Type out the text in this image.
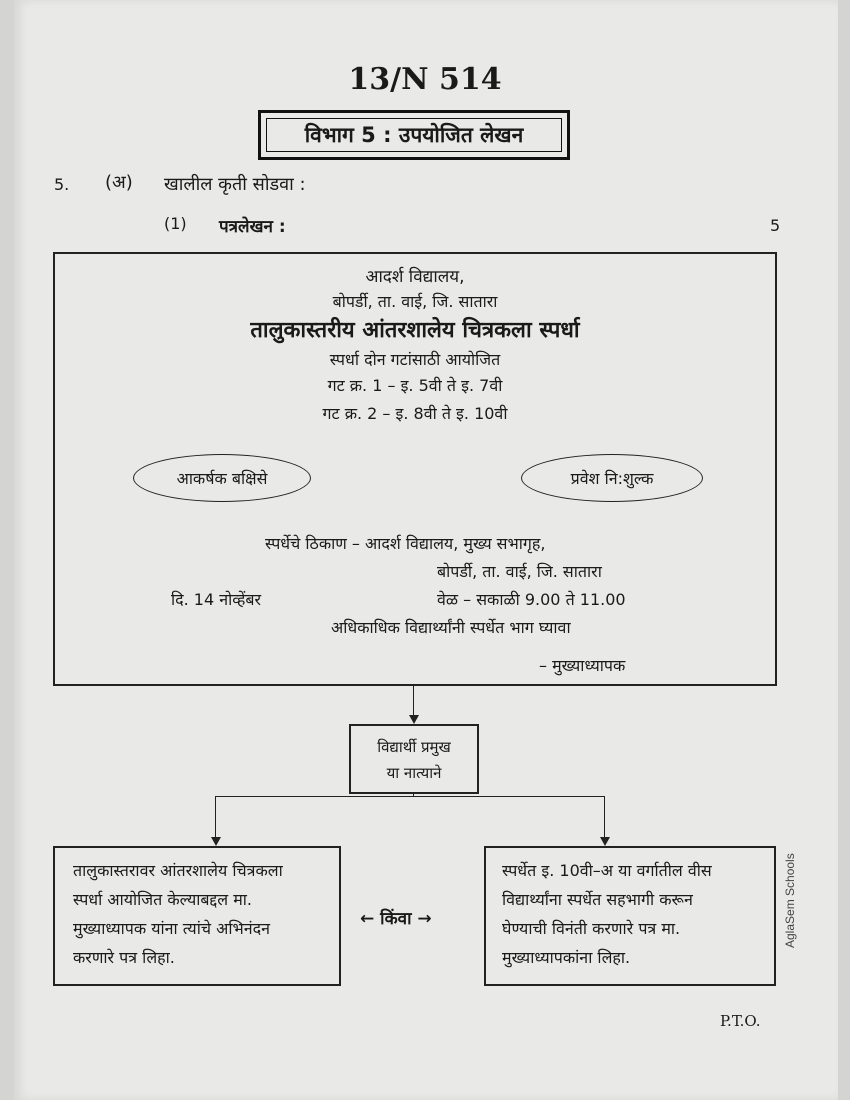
13/N 514
विभाग 5 : उपयोजित लेखन
5. (अ) खालील कृती सोडवा :
(1) पत्रलेखन :	5
आदर्श विद्यालय,
बोपर्डी, ता. वाई, जि. सातारा
तालुकास्तरीय आंतरशालेय चित्रकला स्पर्धा
स्पर्धा दोन गटांसाठी आयोजित
गट क्र. 1 – इ. 5वी ते इ. 7वी
गट क्र. 2 – इ. 8वी ते इ. 10वी
आकर्षक बक्षिसे	प्रवेश नि:शुल्क
स्पर्धेचे ठिकाण – आदर्श विद्यालय, मुख्य सभागृह,
बोपर्डी, ता. वाई, जि. सातारा
दि. 14 नोव्हेंबर	वेळ – सकाळी 9.00 ते 11.00
अधिकाधिक विद्यार्थ्यांनी स्पर्धेत भाग घ्यावा
– मुख्याध्यापक
विद्यार्थी प्रमुख
या नात्याने
तालुकास्तरावर आंतरशालेय चित्रकला
स्पर्धा आयोजित केल्याबद्दल मा.
मुख्याध्यापक यांना त्यांचे अभिनंदन
करणारे पत्र लिहा.
← किंवा →
स्पर्धेत इ. 10वी–अ या वर्गातील वीस
विद्यार्थ्यांना स्पर्धेत सहभागी करून
घेण्याची विनंती करणारे पत्र मा.
मुख्याध्यापकांना लिहा.
P.T.O.
AglaSem Schools
